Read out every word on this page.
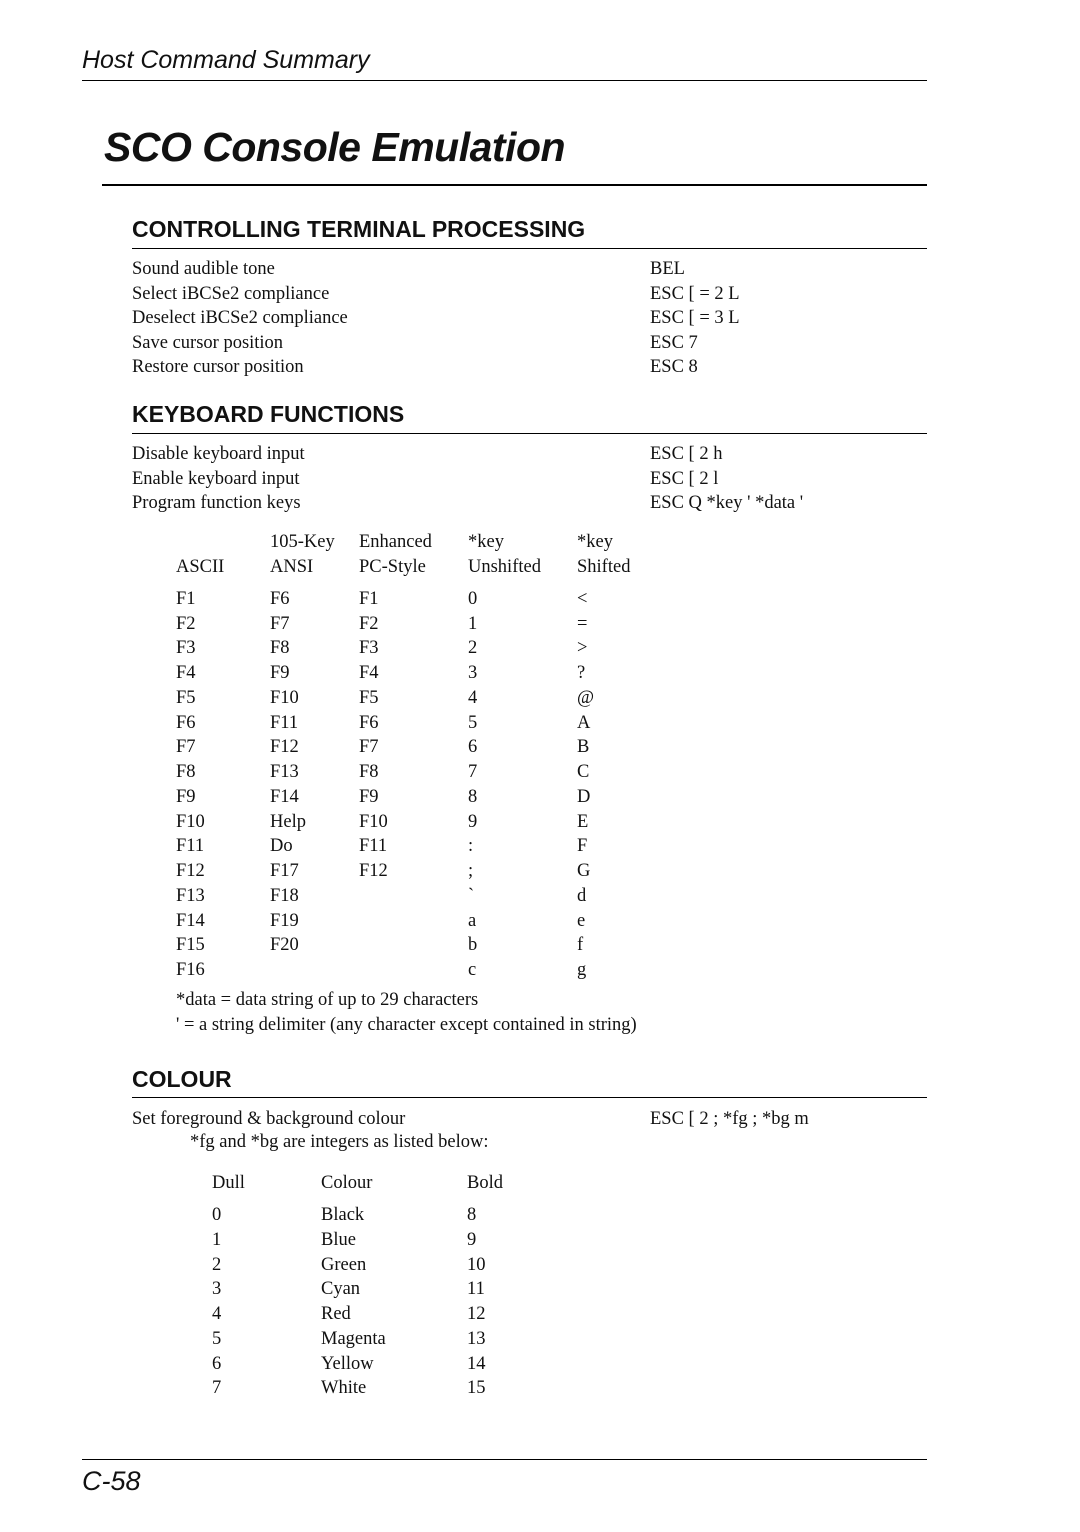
Host Command Summary
SCO Console Emulation
CONTROLLING TERMINAL PROCESSING
Sound audible tone	BEL
Select iBCSe2 compliance	ESC [ = 2 L
Deselect iBCSe2 compliance	ESC [ = 3 L
Save cursor position	ESC 7
Restore cursor position	ESC 8
KEYBOARD FUNCTIONS
Disable keyboard input	ESC [ 2 h
Enable keyboard input	ESC [ 2 l
Program function keys	ESC Q *key ' *data '
	105-Key	Enhanced	*key	*key
ASCII	ANSI	PC-Style	Unshifted	Shifted

F1	F6	F1	0	<
F2	F7	F2	1	=
F3	F8	F3	2	>
F4	F9	F4	3	?
F5	F10	F5	4	@
F6	F11	F6	5	A
F7	F12	F7	6	B
F8	F13	F8	7	C
F9	F14	F9	8	D
F10	Help	F10	9	E
F11	Do	F11	:	F
F12	F17	F12	;	G
F13	F18		`	d
F14	F19		a	e
F15	F20		b	f
F16			c	g
*data = data string of up to 29 characters
' = a string delimiter (any character except contained in string)
COLOUR
Set foreground & background colour	ESC [ 2 ; *fg ; *bg m
*fg and *bg are integers as listed below:
Dull	Colour	Bold

0	Black	8
1	Blue	9
2	Green	10
3	Cyan	11
4	Red	12
5	Magenta	13
6	Yellow	14
7	White	15
C-58
